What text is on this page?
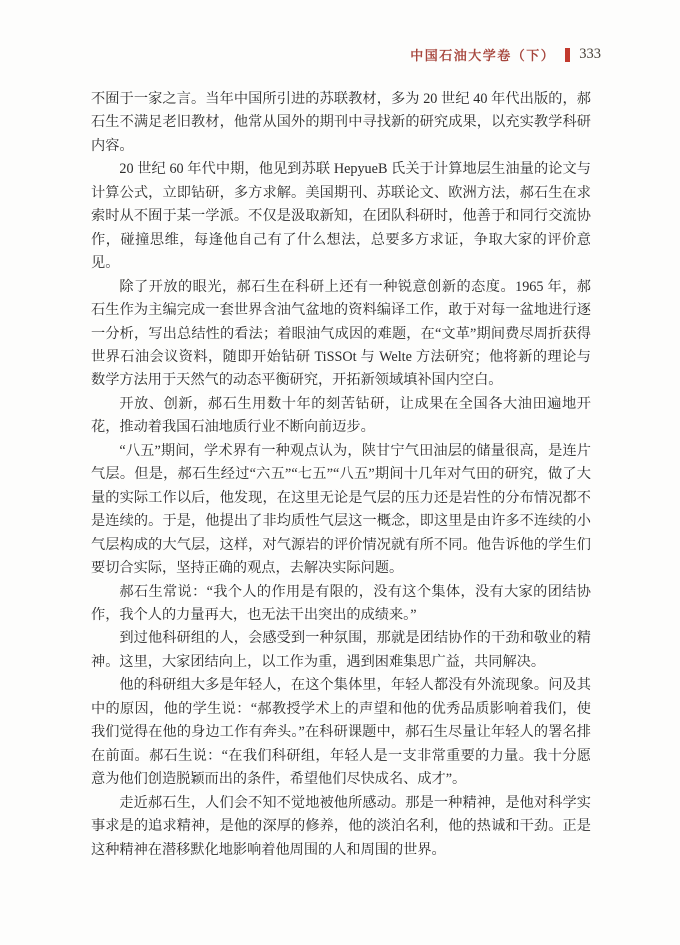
中国石油大学卷（下） 333

不囿于一家之言。当年中国所引进的苏联教材，多为 20 世纪 40 年代出版的，郝石生不满足老旧教材，他常从国外的期刊中寻找新的研究成果，以充实教学科研内容。

20 世纪 60 年代中期，他见到苏联 HepyueB 氏关于计算地层生油量的论文与计算公式，立即钻研，多方求解。美国期刊、苏联论文、欧洲方法，郝石生在求索时从不囿于某一学派。不仅是汲取新知，在团队科研时，他善于和同行交流协作，碰撞思维，每逢他自己有了什么想法，总要多方求证，争取大家的评价意见。

除了开放的眼光，郝石生在科研上还有一种锐意创新的态度。1965 年，郝石生作为主编完成一套世界含油气盆地的资料编译工作，敢于对每一盆地进行逐一分析，写出总结性的看法；着眼油气成因的难题，在“文革”期间费尽周折获得世界石油会议资料，随即开始钻研 TiSSOt 与 Welte 方法研究；他将新的理论与数学方法用于天然气的动态平衡研究，开拓新领域填补国内空白。

开放、创新，郝石生用数十年的刻苦钻研，让成果在全国各大油田遍地开花，推动着我国石油地质行业不断向前迈步。

“八五”期间，学术界有一种观点认为，陕甘宁气田油层的储量很高，是连片气层。但是，郝石生经过“六五”“七五”“八五”期间十几年对气田的研究，做了大量的实际工作以后，他发现，在这里无论是气层的压力还是岩性的分布情况都不是连续的。于是，他提出了非均质性气层这一概念，即这里是由许多不连续的小气层构成的大气层，这样，对气源岩的评价情况就有所不同。他告诉他的学生们要切合实际，坚持正确的观点，去解决实际问题。

郝石生常说：“我个人的作用是有限的，没有这个集体，没有大家的团结协作，我个人的力量再大，也无法干出突出的成绩来。”

到过他科研组的人，会感受到一种氛围，那就是团结协作的干劲和敬业的精神。这里，大家团结向上，以工作为重，遇到困难集思广益，共同解决。

他的科研组大多是年轻人，在这个集体里，年轻人都没有外流现象。问及其中的原因，他的学生说：“郝教授学术上的声望和他的优秀品质影响着我们，使我们觉得在他的身边工作有奔头。”在科研课题中，郝石生尽量让年轻人的署名排在前面。郝石生说：“在我们科研组，年轻人是一支非常重要的力量。我十分愿意为他们创造脱颖而出的条件，希望他们尽快成名、成才”。

走近郝石生，人们会不知不觉地被他所感动。那是一种精神，是他对科学实事求是的追求精神，是他的深厚的修养，他的淡泊名利，他的热诚和干劲。正是这种精神在潜移默化地影响着他周围的人和周围的世界。
